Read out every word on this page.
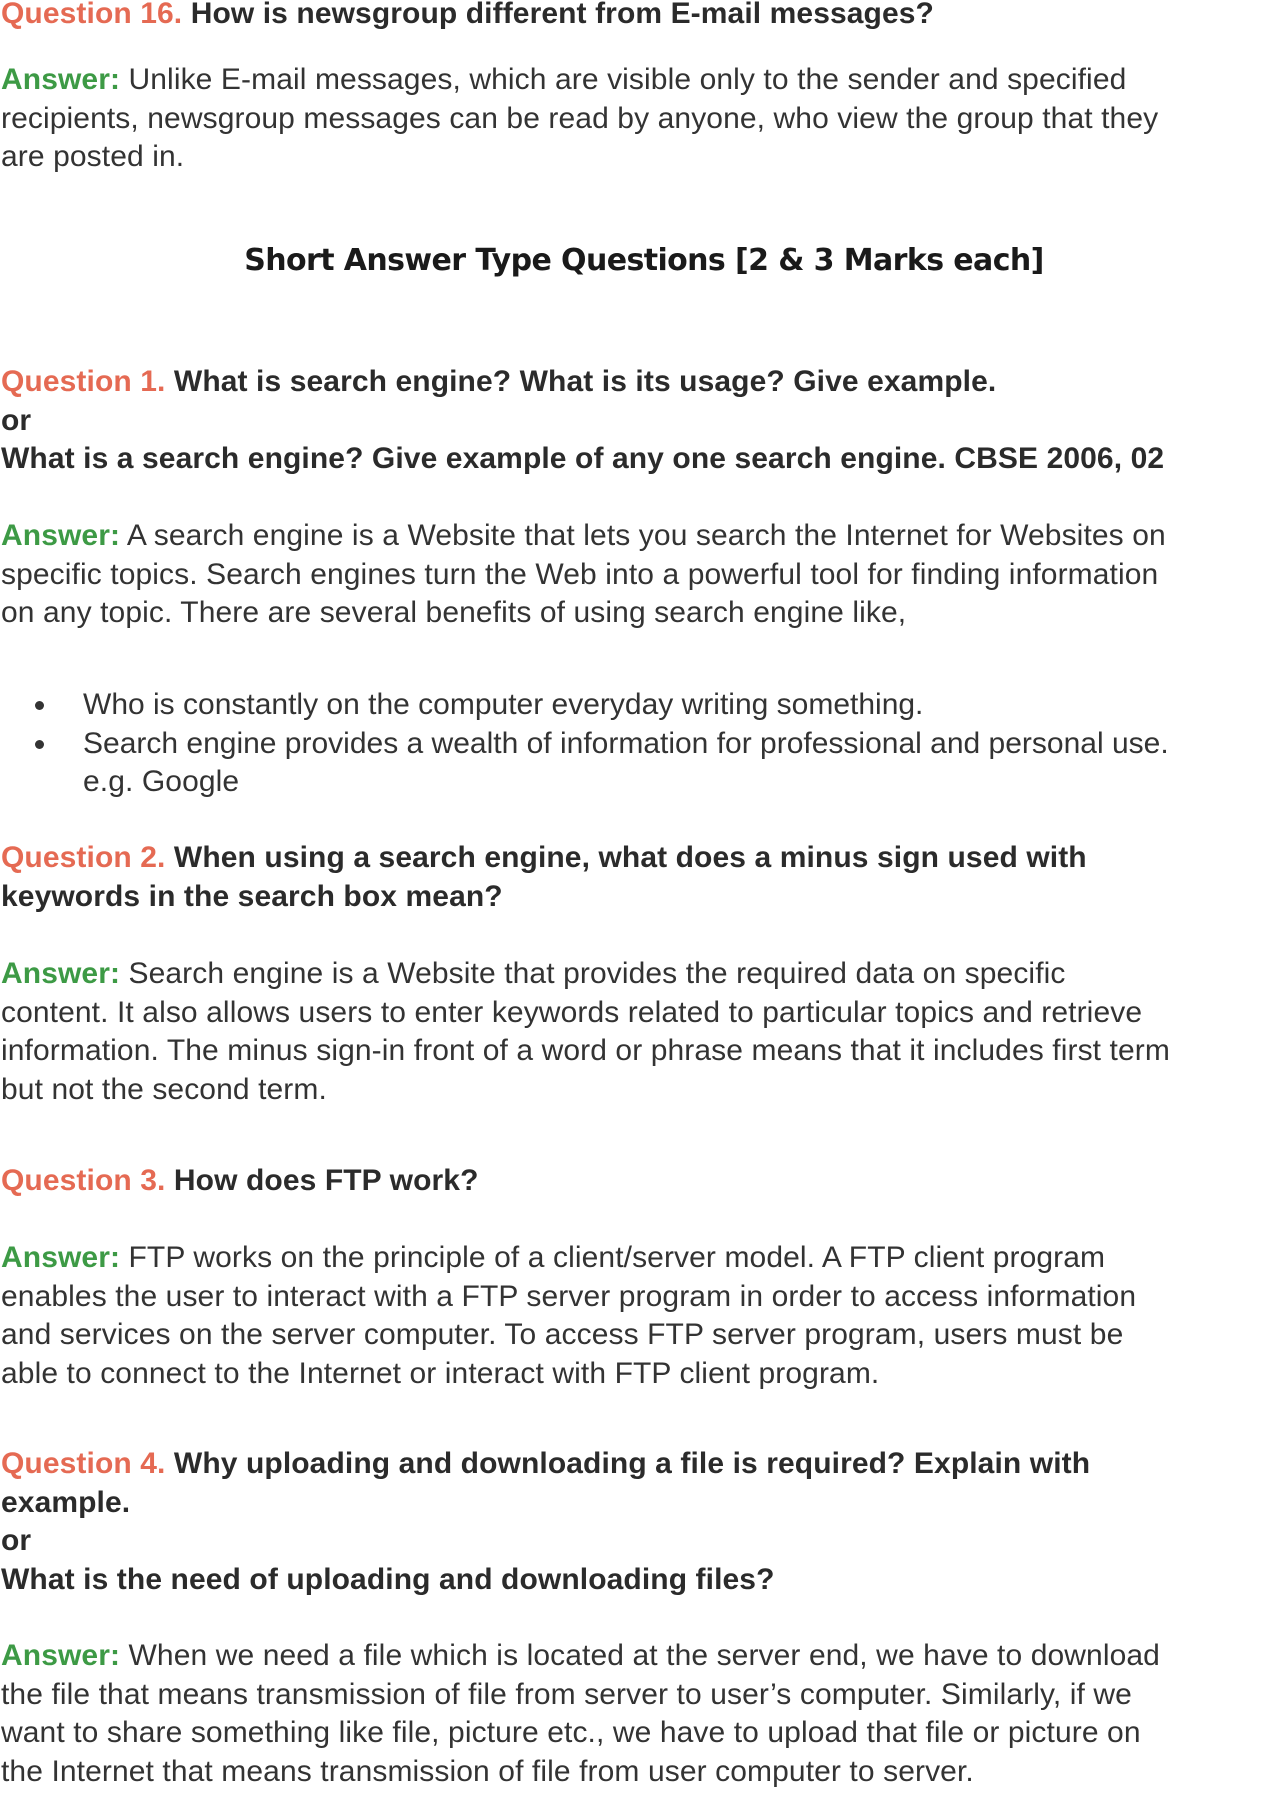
Question 16. How is newsgroup different from E-mail messages?

Answer: Unlike E-mail messages, which are visible only to the sender and specified

recipients, newsgroup messages can be read by anyone, who view the group that they

are posted in.

Short Answer Type Questions [2 & 3 Marks each]

Question 1. What is search engine? What is its usage? Give example.

or

What is a search engine? Give example of any one search engine. CBSE 2006, 02

Answer: A search engine is a Website that lets you search the Internet for Websites on

specific topics. Search engines turn the Web into a powerful tool for finding information

on any topic. There are several benefits of using search engine like,

Who is constantly on the computer everyday writing something.
Search engine provides a wealth of information for professional and personal use.

e.g. Google

Question 2. When using a search engine, what does a minus sign used with

keywords in the search box mean?

Answer: Search engine is a Website that provides the required data on specific

content. It also allows users to enter keywords related to particular topics and retrieve

information. The minus sign-in front of a word or phrase means that it includes first term

but not the second term.

Question 3. How does FTP work?

Answer: FTP works on the principle of a client/server model. A FTP client program

enables the user to interact with a FTP server program in order to access information

and services on the server computer. To access FTP server program, users must be

able to connect to the Internet or interact with FTP client program.

Question 4. Why uploading and downloading a file is required? Explain with

example.

or

What is the need of uploading and downloading files?

Answer: When we need a file which is located at the server end, we have to download

the file that means transmission of file from server to user’s computer. Similarly, if we

want to share something like file, picture etc., we have to upload that file or picture on

the Internet that means transmission of file from user computer to server.
